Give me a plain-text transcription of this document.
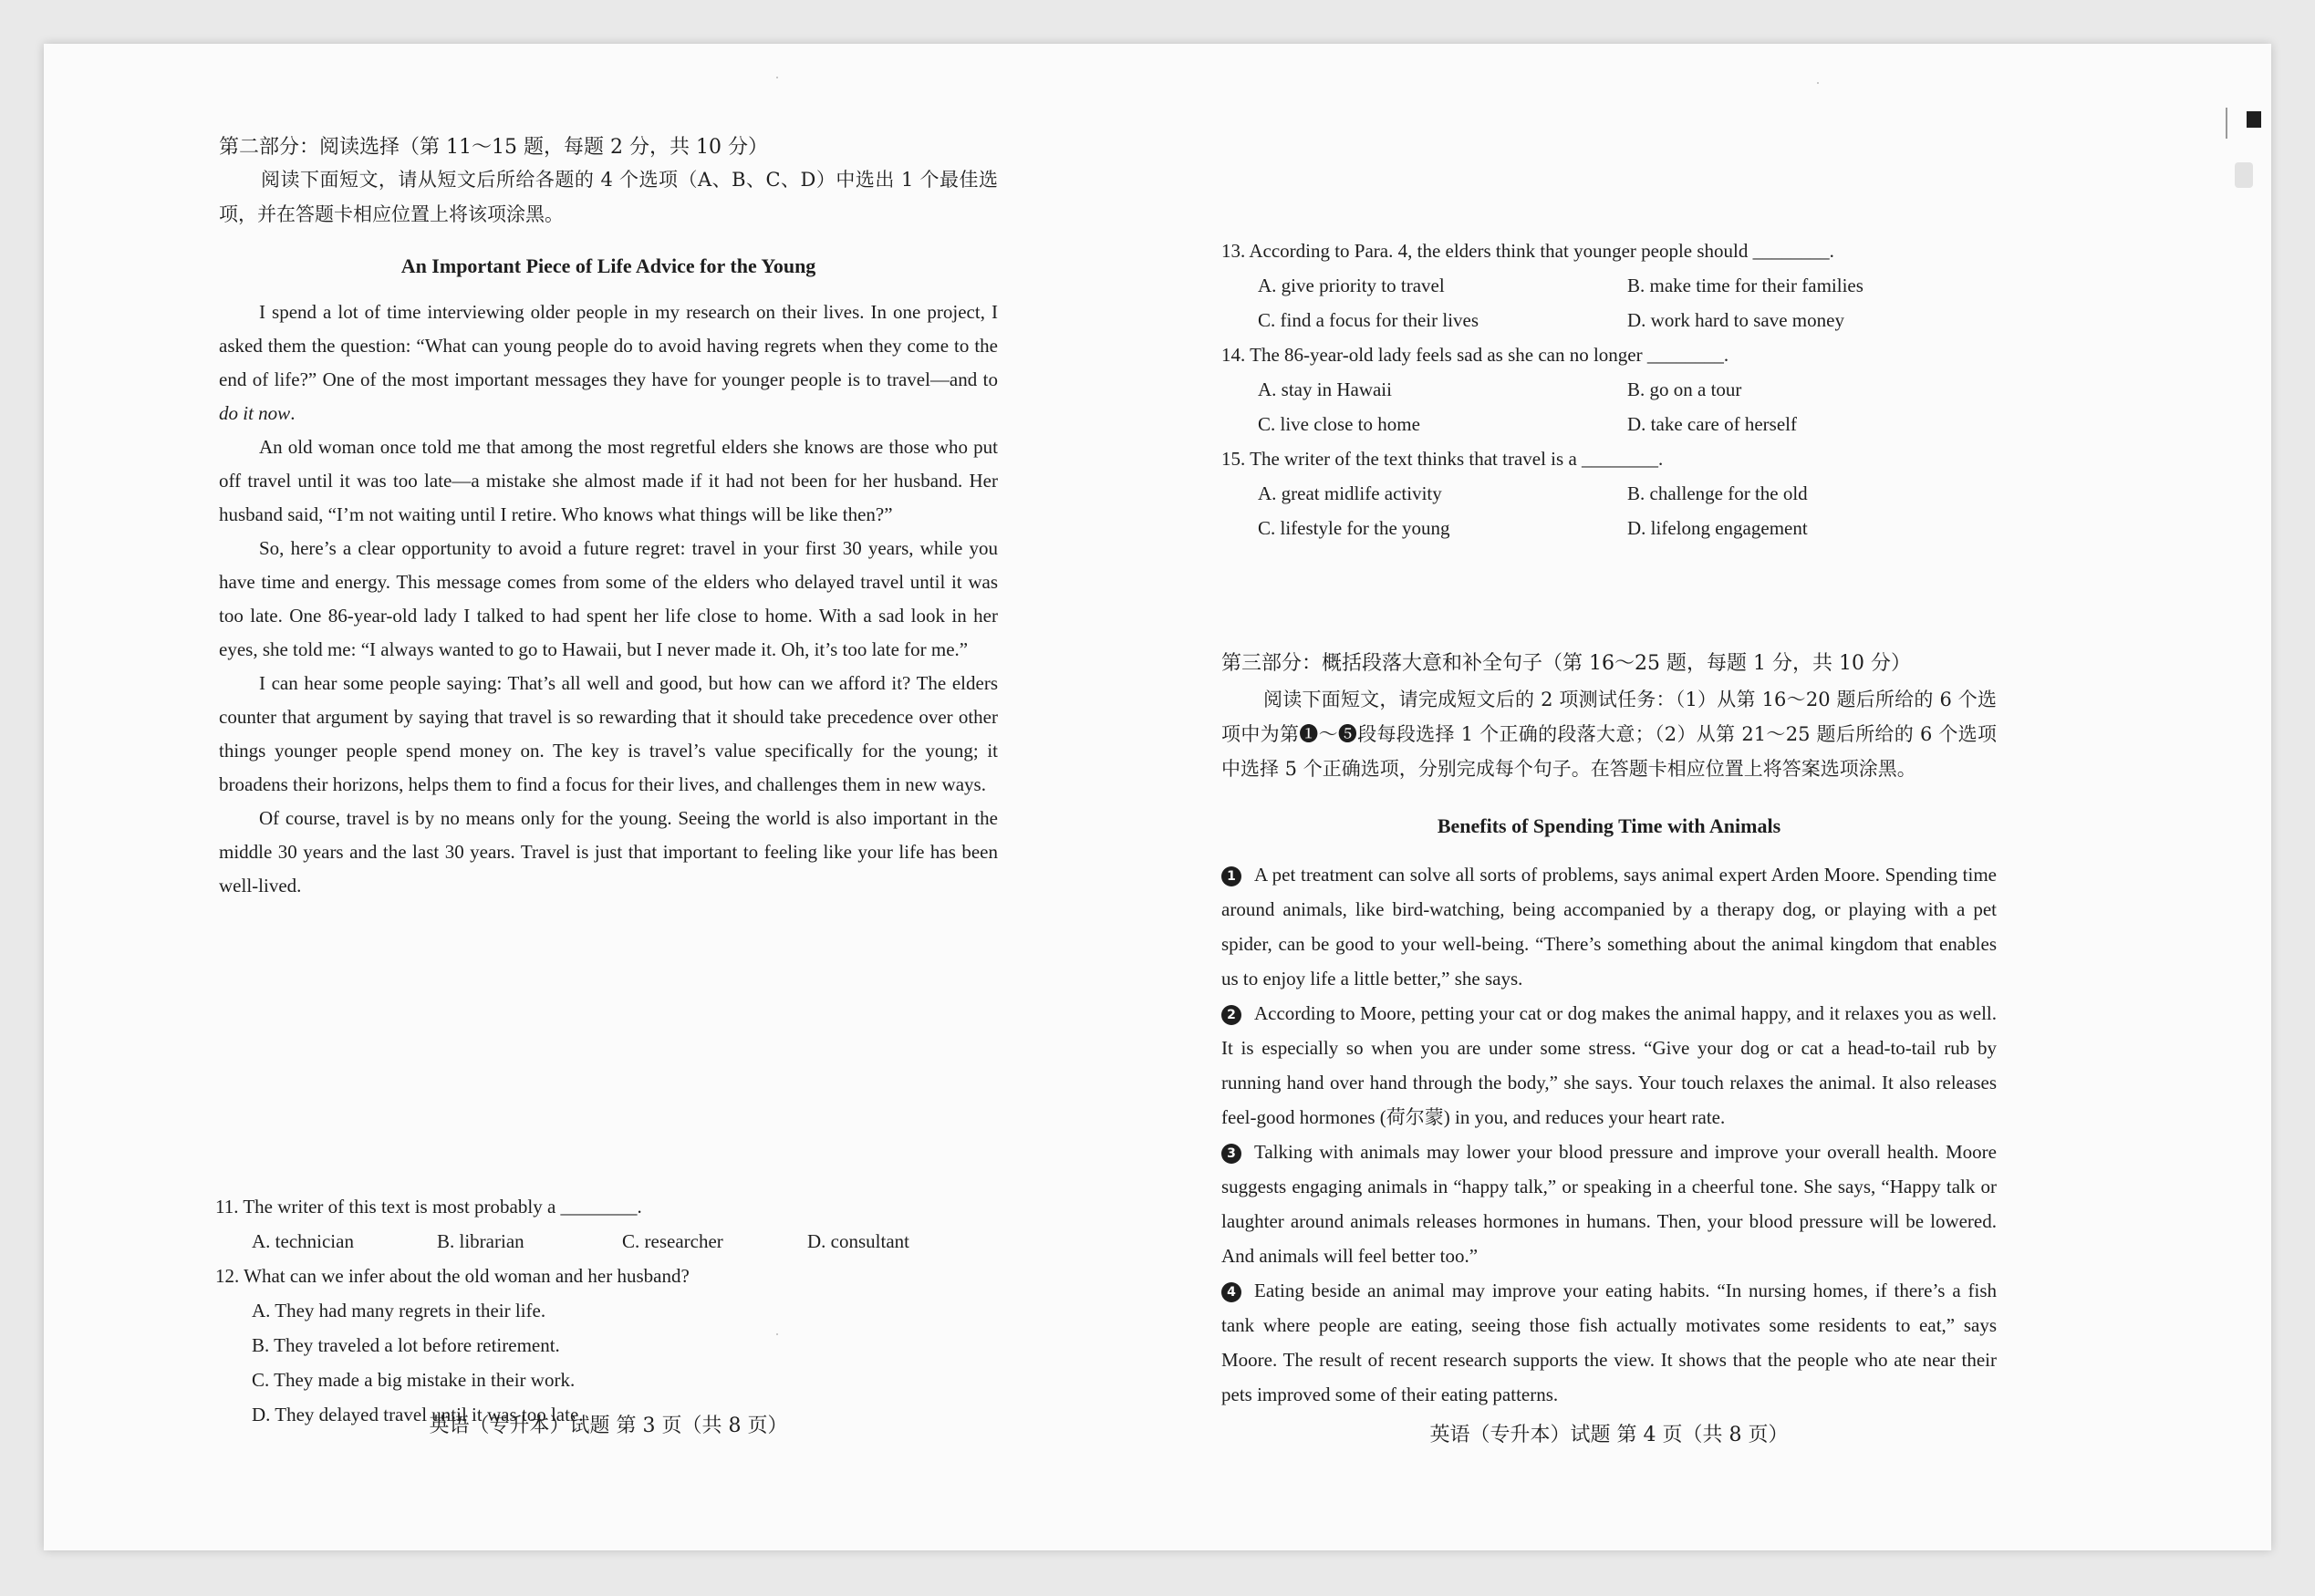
第二部分：阅读选择（第 11～15 题，每题 2 分，共 10 分）

阅读下面短文，请从短文后所给各题的 4 个选项（A、B、C、D）中选出 1 个最佳选项，并在答题卡相应位置上将该项涂黑。

An Important Piece of Life Advice for the Young

I spend a lot of time interviewing older people in my research on their lives. In one project, I asked them the question: “What can young people do to avoid having regrets when they come to the end of life?” One of the most important messages they have for younger people is to travel—and to do it now.

An old woman once told me that among the most regretful elders she knows are those who put off travel until it was too late—a mistake she almost made if it had not been for her husband. Her husband said, “I’m not waiting until I retire. Who knows what things will be like then?”

So, here’s a clear opportunity to avoid a future regret: travel in your first 30 years, while you have time and energy. This message comes from some of the elders who delayed travel until it was too late. One 86-year-old lady I talked to had spent her life close to home. With a sad look in her eyes, she told me: “I always wanted to go to Hawaii, but I never made it. Oh, it’s too late for me.”

I can hear some people saying: That’s all well and good, but how can we afford it? The elders counter that argument by saying that travel is so rewarding that it should take precedence over other things younger people spend money on. The key is travel’s value specifically for the young; it broadens their horizons, helps them to find a focus for their lives, and challenges them in new ways.

Of course, travel is by no means only for the young. Seeing the world is also important in the middle 30 years and the last 30 years. Travel is just that important to feeling like your life has been well-lived.

11. The writer of this text is most probably a ________.

A. technician	B. librarian	C. researcher	D. consultant

12. What can we infer about the old woman and her husband?

A. They had many regrets in their life.
B. They traveled a lot before retirement.
C. They made a big mistake in their work.
D. They delayed travel until it was too late.

英语（专升本）试题 第 3 页（共 8 页）

13. According to Para. 4, the elders think that younger people should ________.

A. give priority to travel	B. make time for their families
C. find a focus for their lives	D. work hard to save money

14. The 86-year-old lady feels sad as she can no longer ________.

A. stay in Hawaii	B. go on a tour
C. live close to home	D. take care of herself

15. The writer of the text thinks that travel is a ________.

A. great midlife activity	B. challenge for the old
C. lifestyle for the young	D. lifelong engagement

第三部分：概括段落大意和补全句子（第 16～25 题，每题 1 分，共 10 分）

阅读下面短文，请完成短文后的 2 项测试任务：（1）从第 16～20 题后所给的 6 个选项中为第❶～❺段每段选择 1 个正确的段落大意；（2）从第 21～25 题后所给的 6 个选项中选择 5 个正确选项，分别完成每个句子。在答题卡相应位置上将答案选项涂黑。

Benefits of Spending Time with Animals

1 A pet treatment can solve all sorts of problems, says animal expert Arden Moore. Spending time around animals, like bird-watching, being accompanied by a therapy dog, or playing with a pet spider, can be good to your well-being. “There’s something about the animal kingdom that enables us to enjoy life a little better,” she says.

2 According to Moore, petting your cat or dog makes the animal happy, and it relaxes you as well. It is especially so when you are under some stress. “Give your dog or cat a head-to-tail rub by running hand over hand through the body,” she says. Your touch relaxes the animal. It also releases feel-good hormones (荷尔蒙) in you, and reduces your heart rate.

3 Talking with animals may lower your blood pressure and improve your overall health. Moore suggests engaging animals in “happy talk,” or speaking in a cheerful tone. She says, “Happy talk or laughter around animals releases hormones in humans. Then, your blood pressure will be lowered. And animals will feel better too.”

4 Eating beside an animal may improve your eating habits. “In nursing homes, if there’s a fish tank where people are eating, seeing those fish actually motivates some residents to eat,” says Moore. The result of recent research supports the view. It shows that the people who ate near their pets improved some of their eating patterns.

英语（专升本）试题 第 4 页（共 8 页）
